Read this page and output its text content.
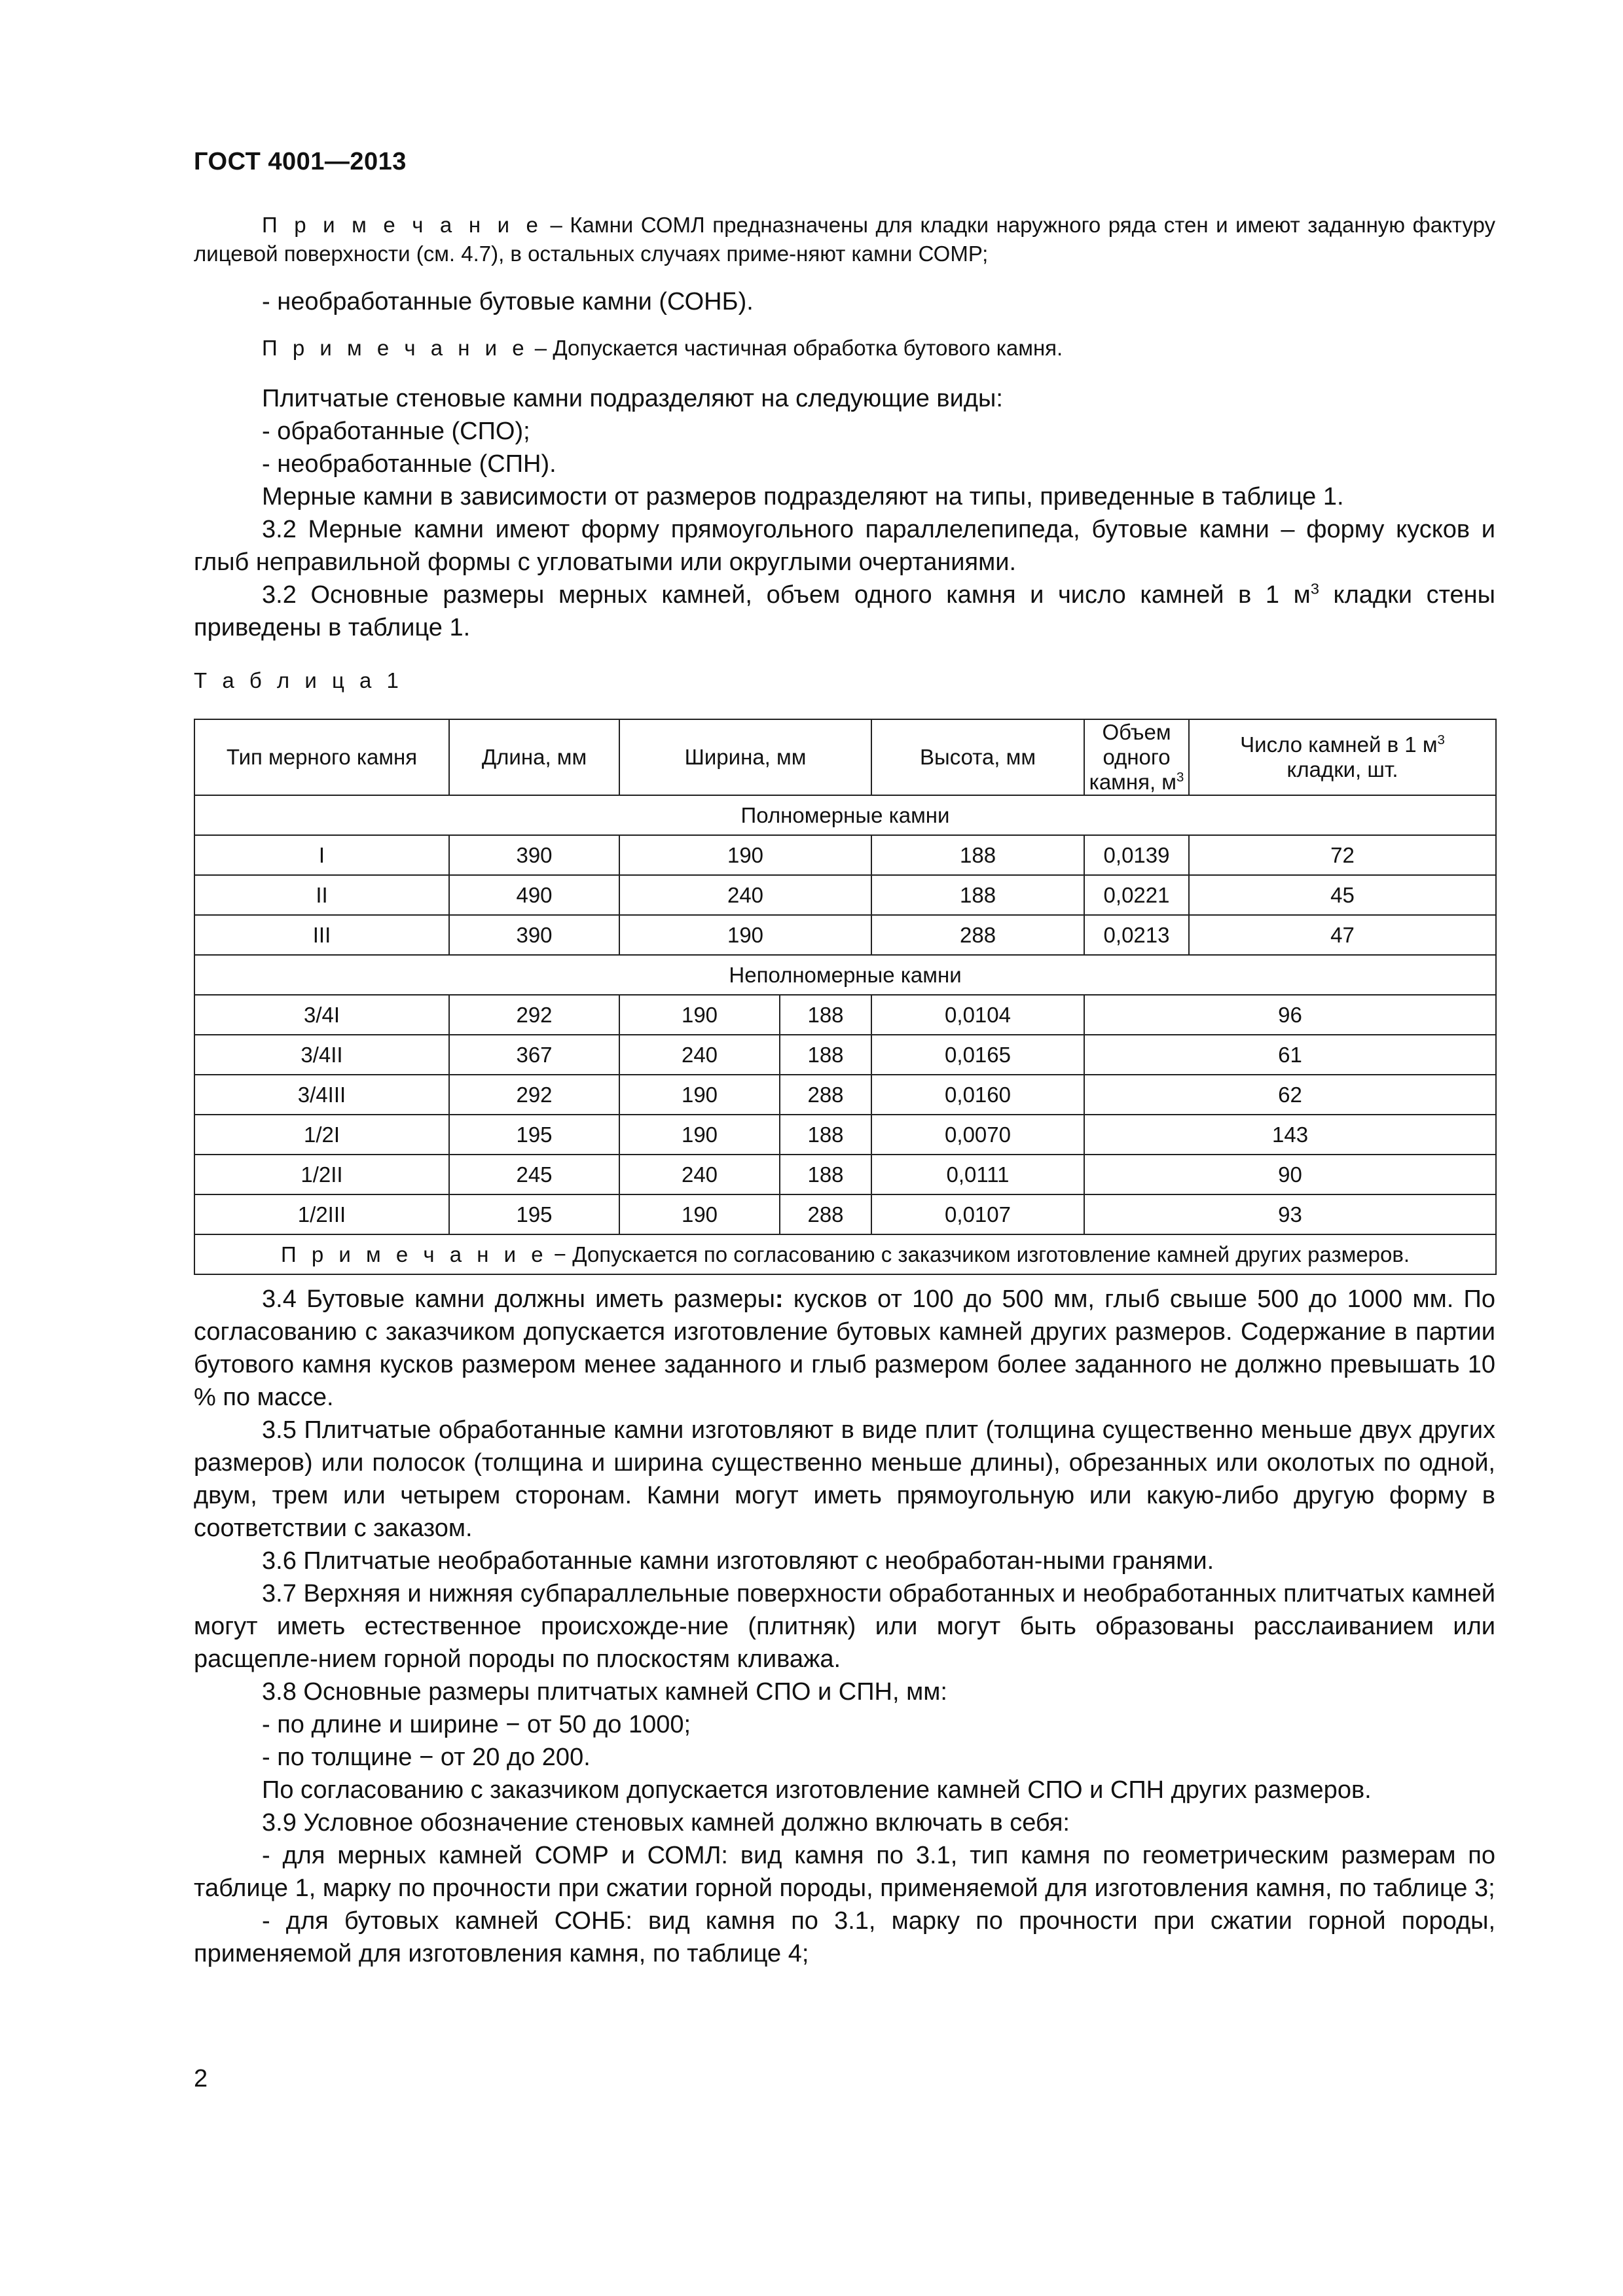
ГОСТ 4001—2013

П р и м е ч а н и е – Камни СОМЛ предназначены для кладки наружного ряда стен и имеют заданную фактуру лицевой поверхности (см. 4.7), в остальных случаях приме-няют камни СОМР;

- необработанные бутовые камни (СОНБ).

П р и м е ч а н и е – Допускается частичная обработка бутового камня.

Плитчатые стеновые камни подразделяют на следующие виды:

- обработанные (СПО);

- необработанные (СПН).

Мерные камни в зависимости от размеров подразделяют на типы, приведенные в таблице 1.

3.2 Мерные камни имеют форму прямоугольного параллелепипеда, бутовые камни – форму кусков и глыб неправильной формы с угловатыми или округлыми очертаниями.

3.2 Основные размеры мерных камней, объем одного камня и число камней в 1 $м^3$ кладки стены приведены в таблице 1.

Т а б л и ц а 1

Тип мерного камня	Длина, мм	Ширина, мм		Высота, мм	Объем одного камня, $м^3$	Число камней в 1 $м^3$
кладки, шт.
Полномерные камни						
I	390	190		188	0,0139	72
II	490	240		188	0,0221	45
III	390	190		288	0,0213	47
Неполномерные камни						
3/4I	292	190	188	0,0104	96	
3/4II	367	240	188	0,0165	61	
3/4III	292	190	288	0,0160	62	
1/2I	195	190	188	0,0070	143	
1/2II	245	240	188	0,0111	90	
1/2III	195	190	288	0,0107	93	
П р и м е ч а н и е − Допускается по согласованию с заказчиком изготовление камней других размеров.						

3.4 Бутовые камни должны иметь размеры: кусков от 100 до 500 мм, глыб свыше 500 до 1000 мм. По согласованию с заказчиком допускается изготовление бутовых камней других размеров. Содержание в партии бутового камня кусков размером менее заданного и глыб размером более заданного не должно превышать 10 % по массе.

3.5 Плитчатые обработанные камни изготовляют в виде плит (толщина существенно меньше двух других размеров) или полосок (толщина и ширина существенно меньше длины), обрезанных или околотых по одной, двум, трем или четырем сторонам. Камни могут иметь прямоугольную или какую-либо другую форму в соответствии с заказом.

3.6 Плитчатые необработанные камни изготовляют с необработан-ными гранями.

3.7 Верхняя и нижняя субпараллельные поверхности обработанных и необработанных плитчатых камней могут иметь естественное происхожде-ние (плитняк) или могут быть образованы расслаиванием или расщепле-нием горной породы по плоскостям кливажа.

3.8 Основные размеры плитчатых камней СПО и СПН, мм:

- по длине и ширине − от 50 до 1000;

- по толщине − от 20 до 200.

По согласованию с заказчиком допускается изготовление камней СПО и СПН других размеров.

3.9 Условное обозначение стеновых камней должно включать в себя:

- для мерных камней СОМР и СОМЛ: вид камня по 3.1, тип камня по геометрическим размерам по таблице 1, марку по прочности при сжатии горной породы, применяемой для изготовления камня, по таблице 3;

- для бутовых камней СОНБ: вид камня по 3.1, марку по прочности при сжатии горной породы, применяемой для изготовления камня, по таблице 4;

2
